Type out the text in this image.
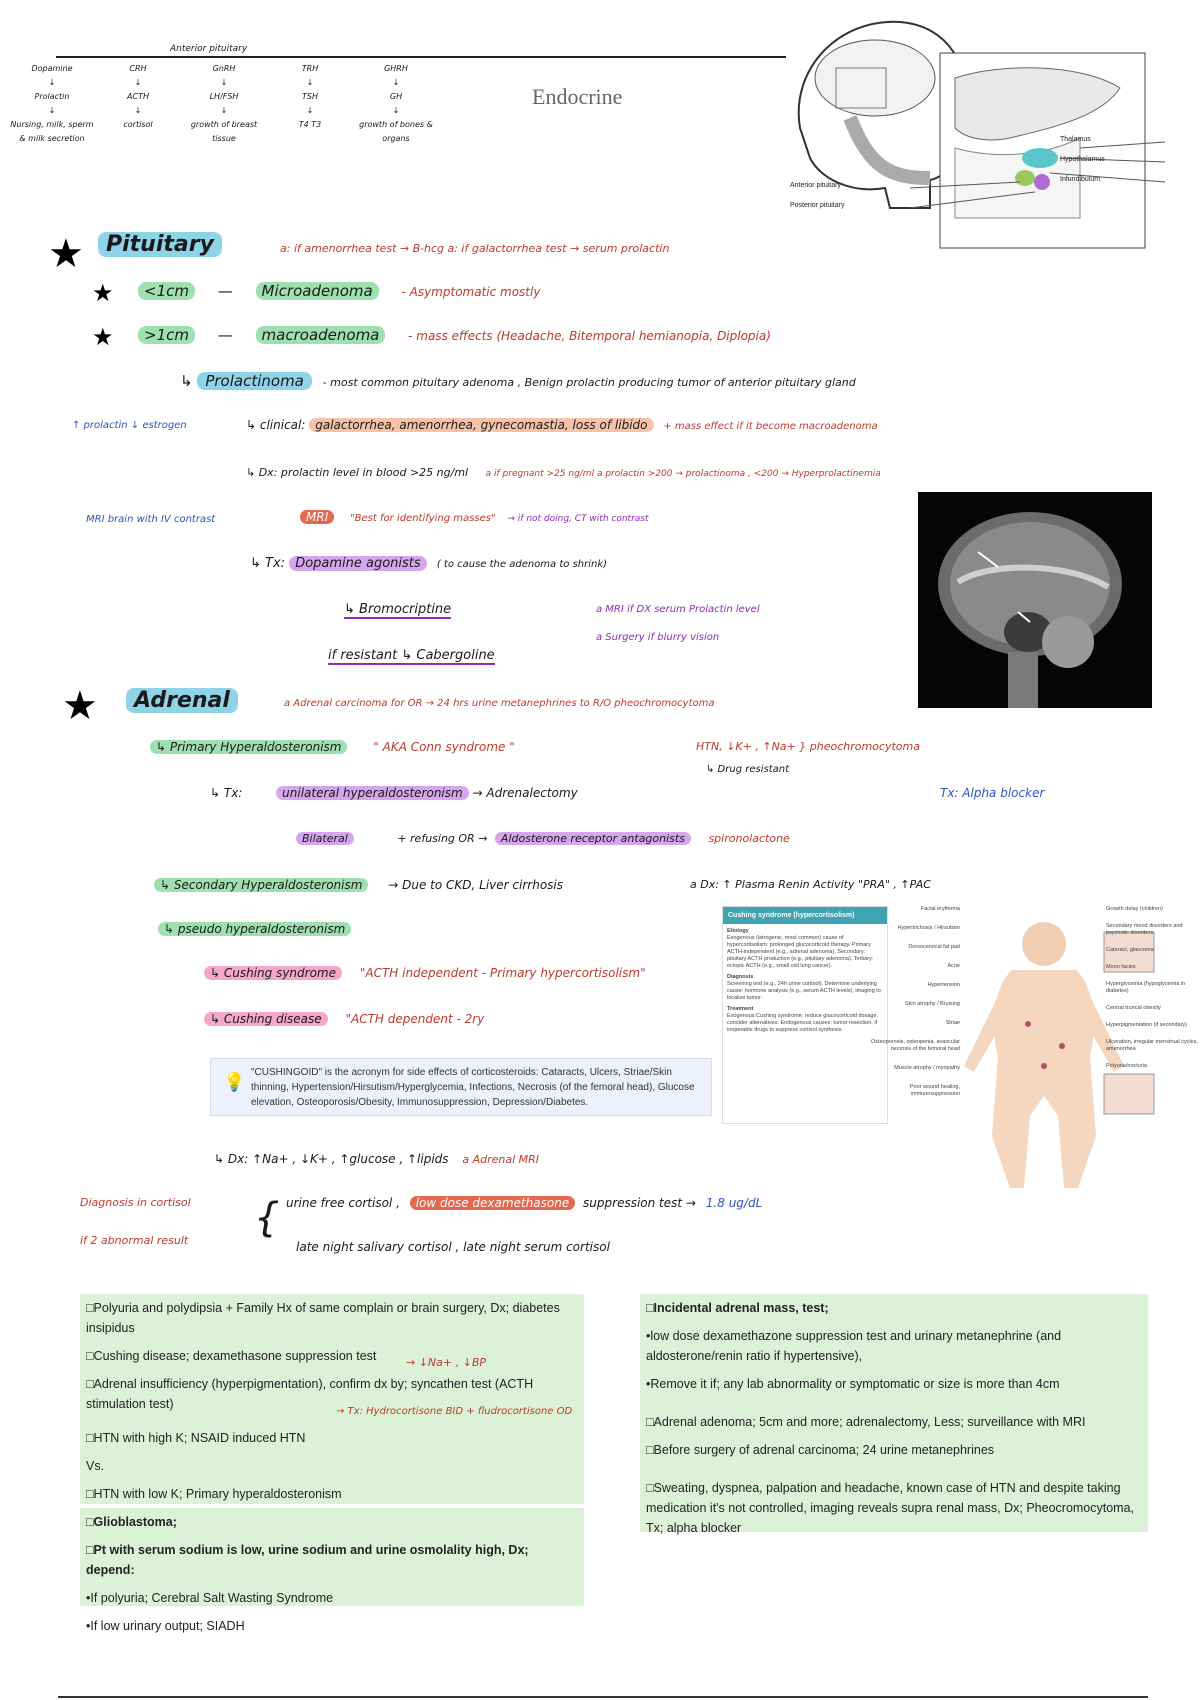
Anterior pituitary
Dopamine
↓
Prolactin
↓
Nursing, milk, sperm & milk secretion
CRH
↓
ACTH
↓
cortisol
GnRH
↓
LH/FSH
↓
growth of breast tissue
TRH
↓
TSH
↓
T4 T3
GHRH
↓
GH
↓
growth of bones & organs
Endocrine
Thalamus
Hypothalamus
Infundibulum
Anterior pituitary
Posterior pituitary
★	Pituitary	a: if amenorrhea test → B-hcg a: if galactorrhea test → serum prolactin
★	<1cm — Microadenoma - Asymptomatic mostly
★	>1cm — macroadenoma - mass effects (Headache, Bitemporal hemianopia, Diplopia)
↳ Prolactinoma - most common pituitary adenoma , Benign prolactin producing tumor of anterior pituitary gland
↑ prolactin ↓ estrogen	↳ clinical: galactorrhea, amenorrhea, gynecomastia, loss of libido + mass effect if it become macroadenoma
↳ Dx: prolactin level in blood >25 ng/ml a if pregnant >25 ng/ml a prolactin >200 → prolactinoma , <200 → Hyperprolactinemia
MRI brain with IV contrast	MRI "Best for identifying masses" → if not doing, CT with contrast
↳ Tx: Dopamine agonists ( to cause the adenoma to shrink)
↳ Bromocriptine	a MRI if DX serum Prolactin level
a Surgery if blurry vision
if resistant ↳ Cabergoline
★	Adrenal	a Adrenal carcinoma for OR → 24 hrs urine metanephrines to R/O pheochromocytoma
↳ Primary Hyperaldosteronism	" AKA Conn syndrome "	HTN, ↓K+ , ↑Na+ } pheochromocytoma
↳ Drug resistant
↳ Tx:	unilateral hyperaldosteronism → Adrenalectomy	Tx: Alpha blocker
Bilateral	+ refusing OR → Aldosterone receptor antagonists spironolactone
↳ Secondary Hyperaldosteronism → Due to CKD, Liver cirrhosis	a Dx: ↑ Plasma Renin Activity "PRA" , ↑PAC
↳ pseudo hyperaldosteronism
↳ Cushing syndrome "ACTH independent - Primary hypercortisolism"
↳ Cushing disease "ACTH dependent - 2ry
💡 "CUSHINGOID" is the acronym for side effects of corticosteroids: Cataracts, Ulcers, Striae/Skin thinning, Hypertension/Hirsutism/Hyperglycemia, Infections, Necrosis (of the femoral head), Glucose elevation, Osteoporosis/Obesity, Immunosuppression, Depression/Diabetes.
Cushing syndrome (hypercortisolism)
Etiology
Exogenous (iatrogenic, most common) cause of hypercortisolism: prolonged glucocorticoid therapy. Primary ACTH-independent (e.g., adrenal adenoma). Secondary: pituitary ACTH production (e.g., pituitary adenoma). Tertiary: ectopic ACTH (e.g., small cell lung cancer).
Diagnosis
Screening test (e.g., 24h urine cortisol). Determine underlying cause: hormone analysis (e.g., serum ACTH levels), imaging to localize tumor.
Treatment
Exogenous Cushing syndrome: reduce glucocorticoid dosage, consider alternatives. Endogenous causes: tumor resection, if inoperable drugs to suppress cortisol synthesis.
Facial erythema
Hypertrichosis / Hirsutism
Dorsocervical fat pad
Acne
Hypertension
Skin atrophy / Bruising
Striae
Osteoporosis, osteopenia, avascular necrosis of the femoral head
Muscle atrophy / myopathy
Poor wound healing, immunosuppression
Growth delay (children)
Secondary mood disorders and psychotic disorders
Cataract, glaucoma
Moon facies
Hyperglycemia (hypoglycemia in diabetes)
Central truncal obesity
Hyperpigmentation (if secondary)
Ulceration, irregular menstrual cycles, amenorrhea
Polyuria/nocturia
↳ Dx: ↑Na+ , ↓K+ , ↑glucose , ↑lipids a Adrenal MRI
Diagnosis in cortisol
if 2 abnormal result { urine free cortisol , low dose dexamethasone suppression test → 1.8 ug/dL
late night salivary cortisol , late night serum cortisol

□Polyuria and polydipsia + Family Hx of same complain or brain surgery, Dx; diabetes insipidus

□Cushing disease; dexamethasone suppression test

□Adrenal insufficiency (hyperpigmentation), confirm dx by; syncathen test (ACTH stimulation test)

□HTN with high K; NSAID induced HTN

Vs.

□HTN with low K; Primary hyperaldosteronism

→ ↓Na+ , ↓BP
→ Tx: Hydrocortisone BID + fludrocortisone OD

□Glioblastoma;

□Pt with serum sodium is low, urine sodium and urine osmolality high, Dx; depend:

•If polyuria; Cerebral Salt Wasting Syndrome

•If low urinary output; SIADH

□Incidental adrenal mass, test;

•low dose dexamethazone suppression test and urinary metanephrine (and aldosterone/renin ratio if hypertensive),

•Remove it if; any lab abnormality or symptomatic or size is more than 4cm

□Adrenal adenoma; 5cm and more; adrenalectomy, Less; surveillance with MRI

□Before surgery of adrenal carcinoma; 24 urine metanephrines

□Sweating, dyspnea, palpation and headache, known case of HTN and despite taking medication it's not controlled, imaging reveals supra renal mass, Dx; Pheocromocytoma, Tx; alpha blocker
